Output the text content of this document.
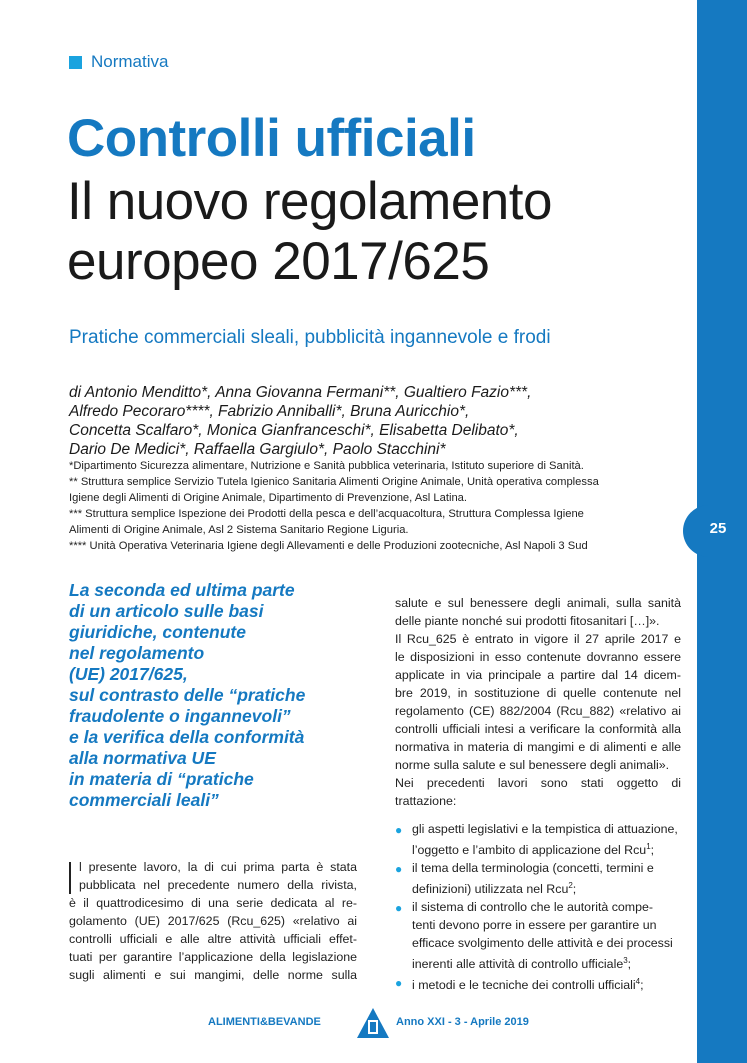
25
Normativa
Controlli ufficiali
Il nuovo regolamento
europeo 2017/625
Pratiche commerciali sleali, pubblicità ingannevole e frodi
di Antonio Menditto*, Anna Giovanna Fermani**, Gualtiero Fazio***,
Alfredo Pecoraro****, Fabrizio Anniballi*, Bruna Auricchio*,
Concetta Scalfaro*, Monica Gianfranceschi*, Elisabetta Delibato*,
Dario De Medici*, Raffaella Gargiulo*, Paolo Stacchini*
*Dipartimento Sicurezza alimentare, Nutrizione e Sanità pubblica veterinaria, Istituto superiore di Sanità.
** Struttura semplice Servizio Tutela Igienico Sanitaria Alimenti Origine Animale, Unità operativa complessa
Igiene degli Alimenti di Origine Animale, Dipartimento di Prevenzione, Asl Latina.
*** Struttura semplice Ispezione dei Prodotti della pesca e dell’acquacoltura, Struttura Complessa Igiene
Alimenti di Origine Animale, Asl 2 Sistema Sanitario Regione Liguria.
**** Unità Operativa Veterinaria Igiene degli Allevamenti e delle Produzioni zootecniche, Asl Napoli 3 Sud
La seconda ed ultima parte
di un articolo sulle basi
giuridiche, contenute
nel regolamento
(UE) 2017/625,
sul contrasto delle “pratiche
fraudolente o ingannevoli”
e la verifica della conformità
alla normativa UE
in materia di “pratiche
commerciali leali”
l presente lavoro, la di cui prima parta è stata
pubblicata nel precedente numero della rivista,
è il quattrodicesimo di una serie dedicata al re-
golamento (UE) 2017/625 (Rcu_625) «relativo ai
controlli ufficiali e alle altre attività ufficiali effet-
tuati per garantire l’applicazione della legislazione
sugli alimenti e sui mangimi, delle norme sulla
salute e sul benessere degli animali, sulla sanità
delle piante nonché sui prodotti fitosanitari […]».
Il Rcu_625 è entrato in vigore il 27 aprile 2017 e
le disposizioni in esso contenute dovranno essere
applicate in via principale a partire dal 14 dicem-
bre 2019, in sostituzione di quelle contenute nel
regolamento (CE) 882/2004 (Rcu_882) «relativo ai
controlli ufficiali intesi a verificare la conformità alla
normativa in materia di mangimi e di alimenti e alle
norme sulla salute e sul benessere degli animali».
Nei precedenti lavori sono stati oggetto di
trattazione:
● gli aspetti legislativi e la tempistica di attuazione,
l’oggetto e l’ambito di applicazione del Rcu$^1$;
● il tema della terminologia (concetti, termini e
definizioni) utilizzata nel Rcu$^2$;
● il sistema di controllo che le autorità compe-
tenti devono porre in essere per garantire un
efficace svolgimento delle attività e dei processi
inerenti alle attività di controllo ufficiale$^3$;
● i metodi e le tecniche dei controlli ufficiali$^4$;
ALIMENTI&BEVANDE	Anno XXI - 3 - Aprile 2019
